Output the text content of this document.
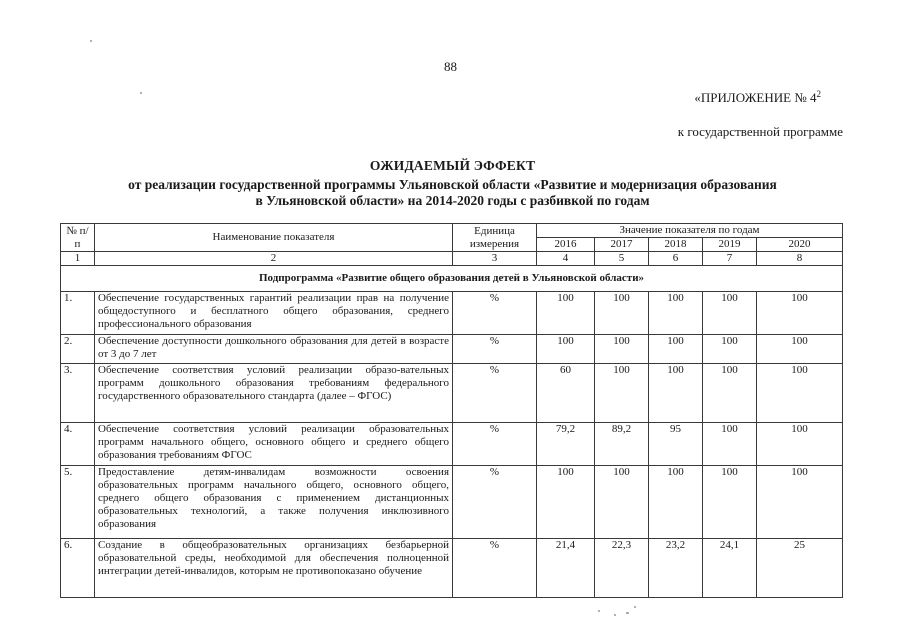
88
«ПРИЛОЖЕНИЕ № $4^2$
к государственной программе
ОЖИДАЕМЫЙ ЭФФЕКТ
от реализации государственной программы Ульяновской области «Развитие и модернизация образования
в Ульяновской области» на 2014-2020 годы с разбивкой по годам
№ п/п	Наименование показателя	Единица измерения	Значение показателя по годам				
			2016	2017	2018	2019	2020
1	2	3	4	5	6	7	8
Подпрограмма «Развитие общего образования детей в Ульяновской области»							
1.	Обеспечение государственных гарантий реализации прав на получение общедоступного и бесплатного общего образования, среднего профессионального образования	%	100	100	100	100	100
2.	Обеспечение доступности дошкольного образования для детей в возрасте от 3 до 7 лет	%	100	100	100	100	100
3.	Обеспечение соответствия условий реализации образо-вательных программ дошкольного образования требованиям федерального государственного образовательного стандарта (далее – ФГОС)	%	60	100	100	100	100
4.	Обеспечение соответствия условий реализации образовательных программ начального общего, основного общего и среднего общего образования требованиям ФГОС	%	79,2	89,2	95	100	100
5.	Предоставление детям-инвалидам возможности освоения образовательных программ начального общего, основного общего, среднего общего образования с применением дистанционных образовательных технологий, а также получения инклюзивного образования	%	100	100	100	100	100
6.	Создание в общеобразовательных организациях безбарьерной образовательной среды, необходимой для обеспечения полноценной интеграции детей-инвалидов, которым не противопоказано обучение	%	21,4	22,3	23,2	24,1	25
